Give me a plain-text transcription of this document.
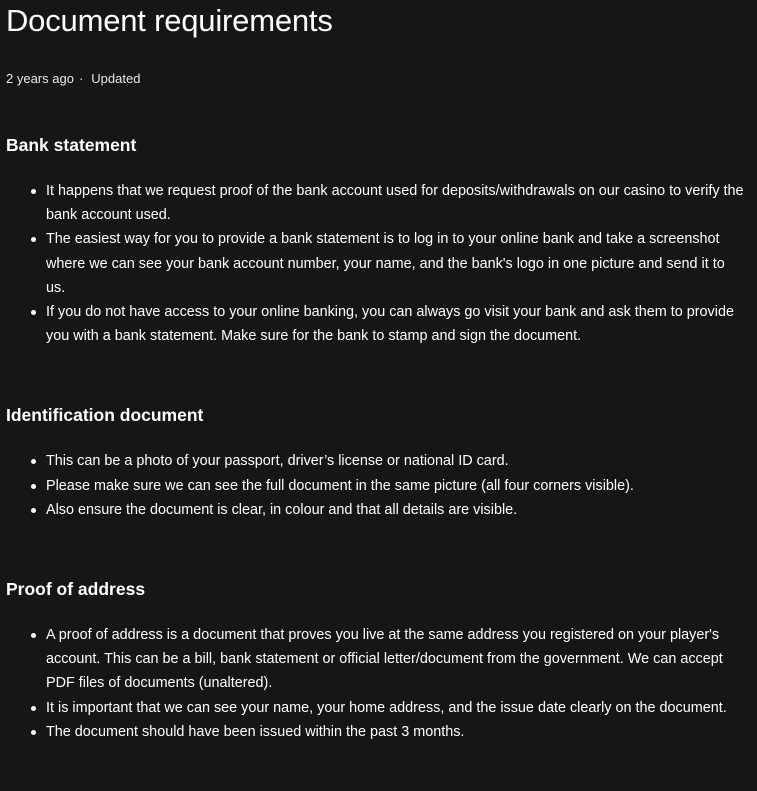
Document requirements
2 years ago · Updated
Bank statement
It happens that we request proof of the bank account used for deposits/withdrawals on our casino to verify the bank account used.
The easiest way for you to provide a bank statement is to log in to your online bank and take a screenshot where we can see your bank account number, your name, and the bank's logo in one picture and send it to us.
If you do not have access to your online banking, you can always go visit your bank and ask them to provide you with a bank statement. Make sure for the bank to stamp and sign the document.
Identification document
This can be a photo of your passport, driver’s license or national ID card.
Please make sure we can see the full document in the same picture (all four corners visible).
Also ensure the document is clear, in colour and that all details are visible.
Proof of address
A proof of address is a document that proves you live at the same address you registered on your player's account. This can be a bill, bank statement or official letter/document from the government. We can accept PDF files of documents (unaltered).
It is important that we can see your name, your home address, and the issue date clearly on the document.
The document should have been issued within the past 3 months.
